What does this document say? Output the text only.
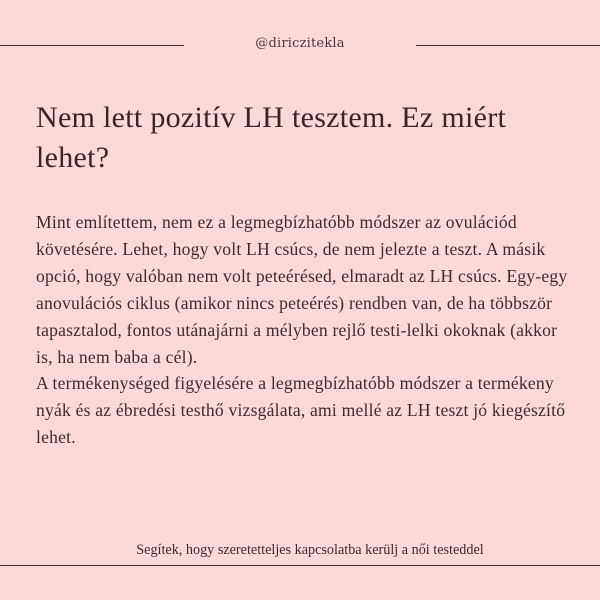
@diriczitekla
Nem lett pozitív LH tesztem. Ez miért lehet?
Mint említettem, nem ez a legmegbízhatóbb módszer az ovulációd követésére. Lehet, hogy volt LH csúcs, de nem jelezte a teszt. A másik opció, hogy valóban nem volt peteérésed, elmaradt az LH csúcs. Egy-egy anovulációs ciklus (amikor nincs peteérés) rendben van, de ha többször tapasztalod, fontos utánajárni a mélyben rejlő testi-lelki okoknak (akkor is, ha nem baba a cél).
A termékenységed figyelésére a legmegbízhatóbb módszer a termékeny nyák és az ébredési testhő vizsgálata, ami mellé az LH teszt jó kiegészítő lehet.
Segítek, hogy szeretetteljes kapcsolatba kerülj a női testeddel
